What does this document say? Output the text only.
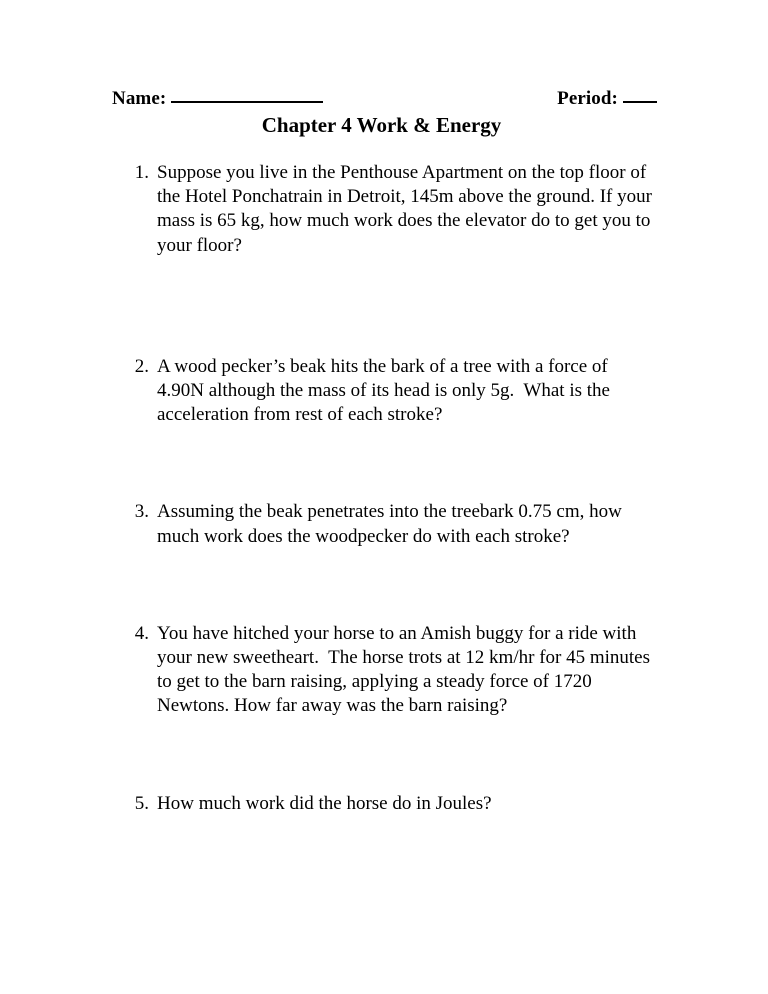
Name:	Period:
Chapter 4 Work & Energy
1. Suppose you live in the Penthouse Apartment on the top floor of the Hotel Ponchatrain in Detroit, 145m above the ground. If your mass is 65 kg, how much work does the elevator do to get you to your floor?
2. A wood pecker’s beak hits the bark of a tree with a force of 4.90N although the mass of its head is only 5g.  What is the acceleration from rest of each stroke?
3. Assuming the beak penetrates into the treebark 0.75 cm, how much work does the woodpecker do with each stroke?
4. You have hitched your horse to an Amish buggy for a ride with your new sweetheart.  The horse trots at 12 km/hr for 45 minutes to get to the barn raising, applying a steady force of 1720 Newtons. How far away was the barn raising?
5. How much work did the horse do in Joules?
